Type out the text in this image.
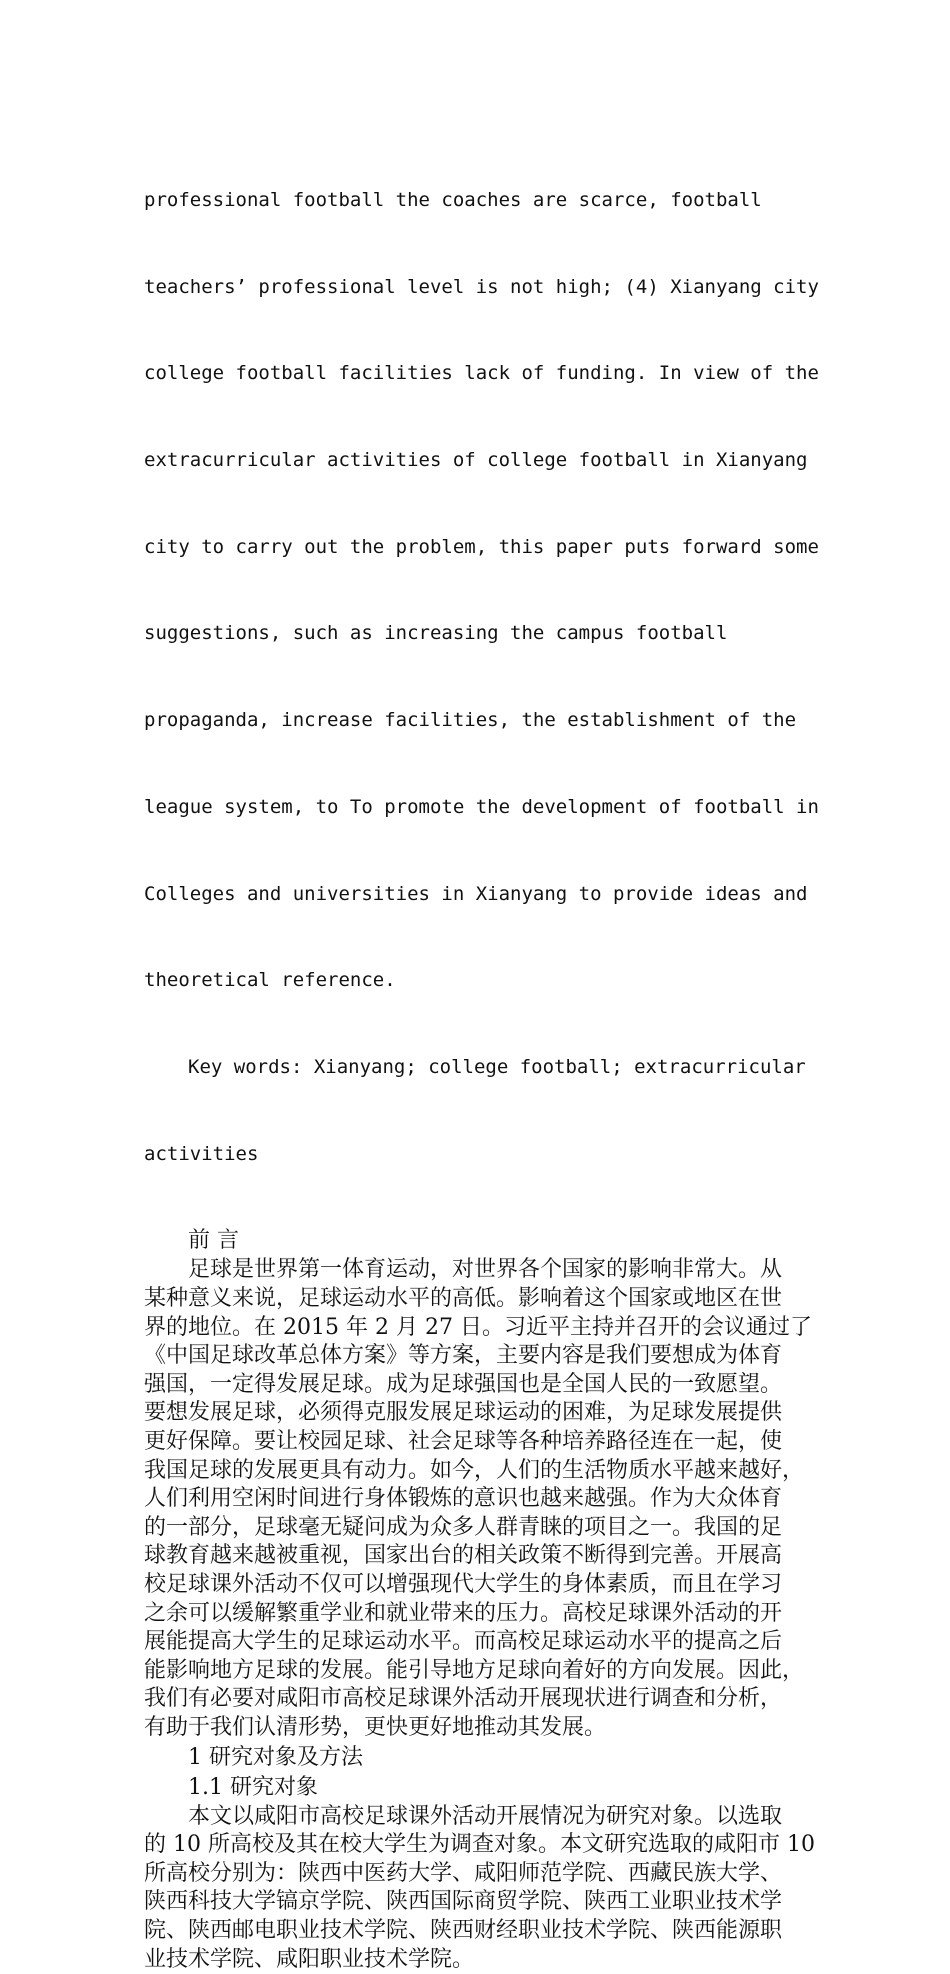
professional football the coaches are scarce, football

teachers’ professional level is not high; (4) Xianyang city

college football facilities lack of funding. In view of the

extracurricular activities of college football in Xianyang

city to carry out the problem, this paper puts forward some

suggestions, such as increasing the campus football

propaganda, increase facilities, the establishment of the

league system, to To promote the development of football in

Colleges and universities in Xianyang to provide ideas and

theoretical reference.

Key words: Xianyang; college football; extracurricular

activities

前 言
足球是世界第一体育运动，对世界各个国家的影响非常大。从
某种意义来说，足球运动水平的高低。影响着这个国家或地区在世
界的地位。在 2015 年 2 月 27 日。习近平主持并召开的会议通过了
《中国足球改革总体方案》等方案，主要内容是我们要想成为体育
强国，一定得发展足球。成为足球强国也是全国人民的一致愿望。
要想发展足球，必须得克服发展足球运动的困难，为足球发展提供
更好保障。要让校园足球、社会足球等各种培养路径连在一起，使
我国足球的发展更具有动力。如今，人们的生活物质水平越来越好，
人们利用空闲时间进行身体锻炼的意识也越来越强。作为大众体育
的一部分，足球毫无疑问成为众多人群青睐的项目之一。我国的足
球教育越来越被重视，国家出台的相关政策不断得到完善。开展高
校足球课外活动不仅可以增强现代大学生的身体素质，而且在学习
之余可以缓解繁重学业和就业带来的压力。高校足球课外活动的开
展能提高大学生的足球运动水平。而高校足球运动水平的提高之后
能影响地方足球的发展。能引导地方足球向着好的方向发展。因此，
我们有必要对咸阳市高校足球课外活动开展现状进行调查和分析，
有助于我们认清形势，更快更好地推动其发展。
1 研究对象及方法
1.1 研究对象
本文以咸阳市高校足球课外活动开展情况为研究对象。以选取
的 10 所高校及其在校大学生为调查对象。本文研究选取的咸阳市 10
所高校分别为：陕西中医药大学、咸阳师范学院、西藏民族大学、
陕西科技大学镐京学院、陕西国际商贸学院、陕西工业职业技术学
院、陕西邮电职业技术学院、陕西财经职业技术学院、陕西能源职
业技术学院、咸阳职业技术学院。
